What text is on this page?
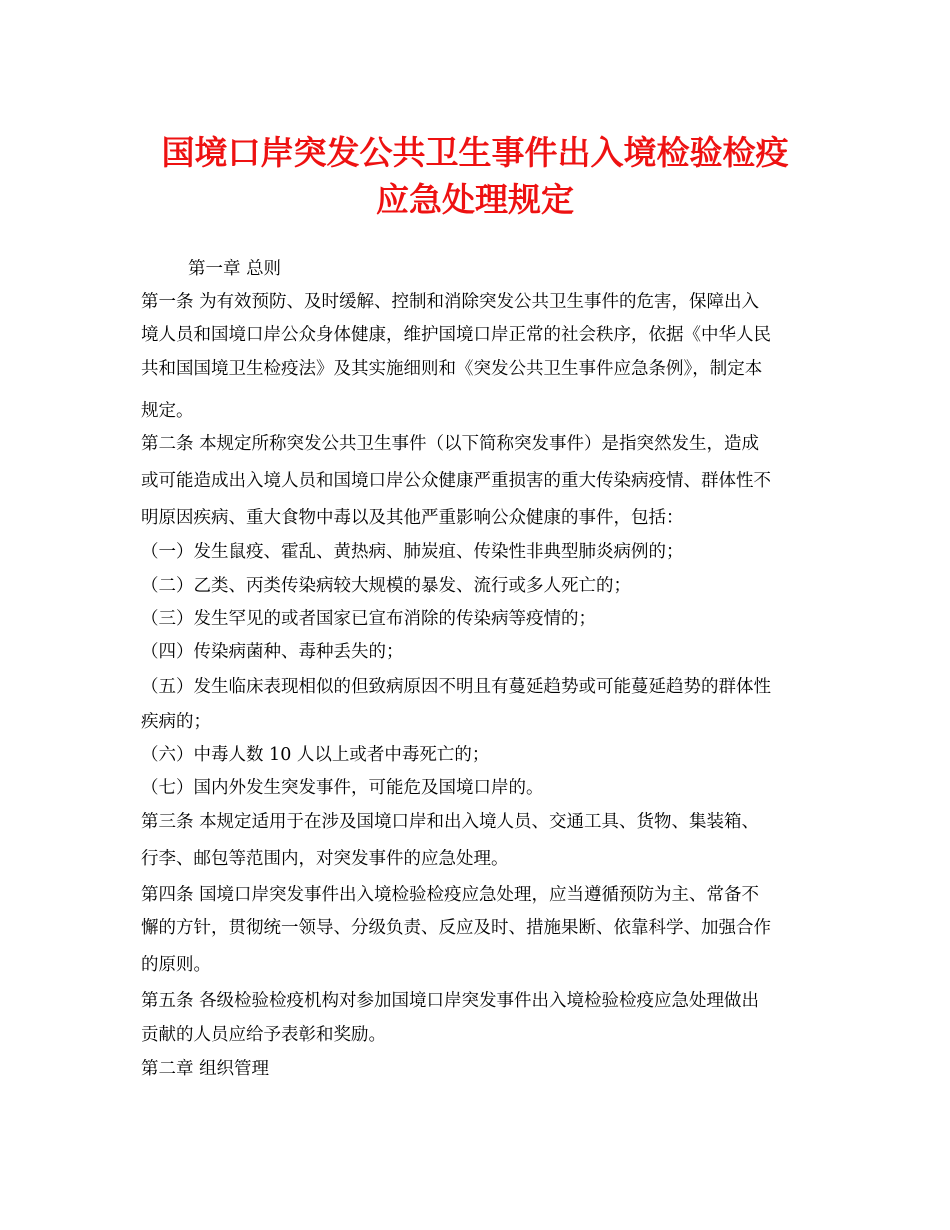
国境口岸突发公共卫生事件出入境检验检疫
应急处理规定
第一章 总则
第一条 为有效预防、及时缓解、控制和消除突发公共卫生事件的危害，保障出入
境人员和国境口岸公众身体健康，维护国境口岸正常的社会秩序，依据《中华人民
共和国国境卫生检疫法》及其实施细则和《突发公共卫生事件应急条例》，制定本
规定。
第二条 本规定所称突发公共卫生事件（以下简称突发事件）是指突然发生，造成
或可能造成出入境人员和国境口岸公众健康严重损害的重大传染病疫情、群体性不
明原因疾病、重大食物中毒以及其他严重影响公众健康的事件，包括：
（一）发生鼠疫、霍乱、黄热病、肺炭疽、传染性非典型肺炎病例的；
（二）乙类、丙类传染病较大规模的暴发、流行或多人死亡的；
（三）发生罕见的或者国家已宣布消除的传染病等疫情的；
（四）传染病菌种、毒种丢失的；
（五）发生临床表现相似的但致病原因不明且有蔓延趋势或可能蔓延趋势的群体性
疾病的；
（六）中毒人数 10 人以上或者中毒死亡的；
（七）国内外发生突发事件，可能危及国境口岸的。
第三条 本规定适用于在涉及国境口岸和出入境人员、交通工具、货物、集装箱、
行李、邮包等范围内，对突发事件的应急处理。
第四条 国境口岸突发事件出入境检验检疫应急处理，应当遵循预防为主、常备不
懈的方针，贯彻统一领导、分级负责、反应及时、措施果断、依靠科学、加强合作
的原则。
第五条 各级检验检疫机构对参加国境口岸突发事件出入境检验检疫应急处理做出
贡献的人员应给予表彰和奖励。
第二章 组织管理
